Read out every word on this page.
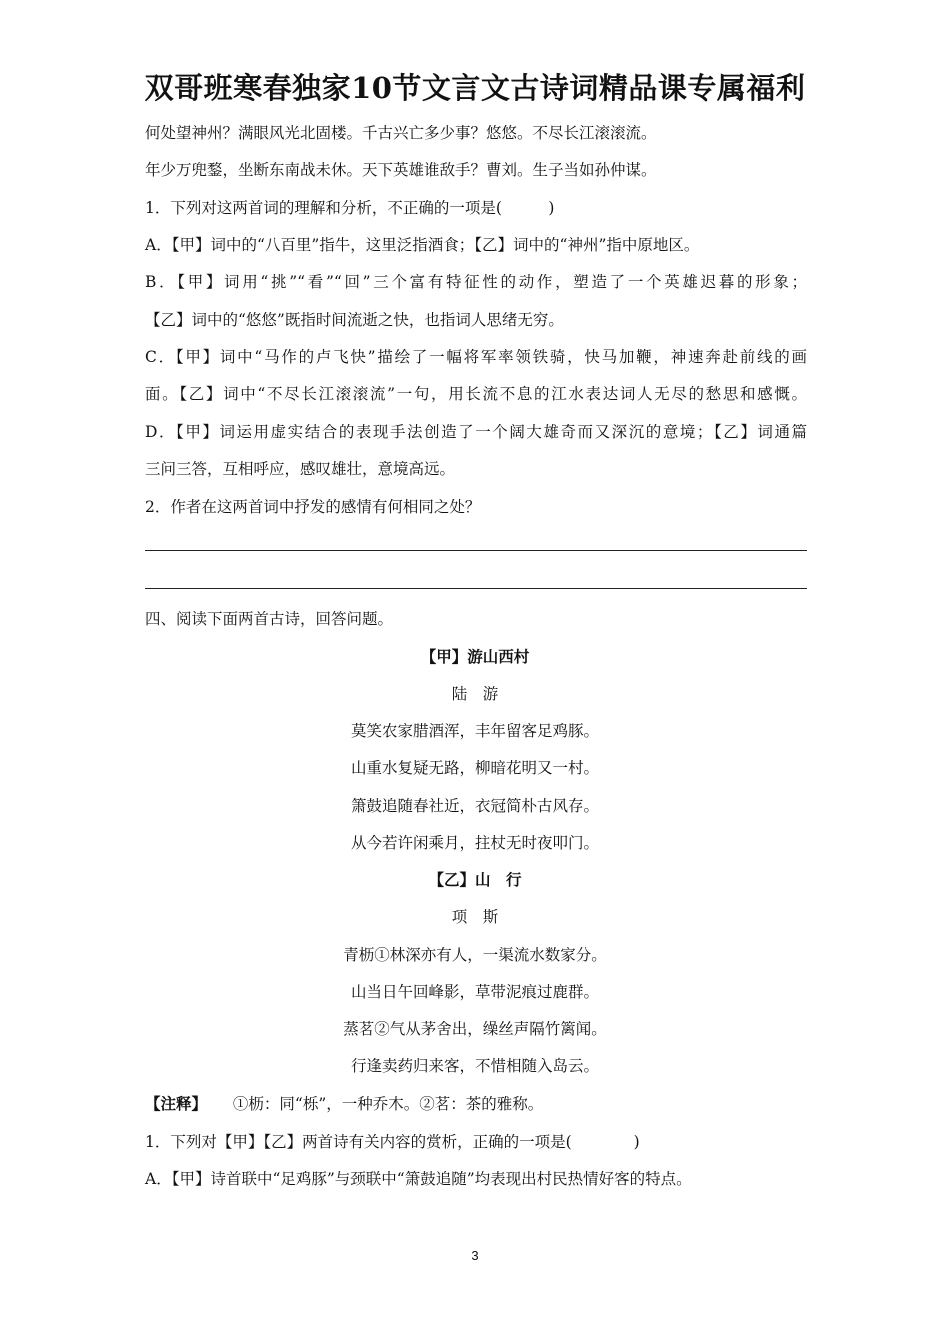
双哥班寒春独家10节文言文古诗词精品课专属福利
何处望神州？满眼风光北固楼。千古兴亡多少事？悠悠。不尽长江滚滚流。
年少万兜鍪，坐断东南战未休。天下英雄谁敌手？曹刘。生子当如孙仲谋。
1．下列对这两首词的理解和分析，不正确的一项是(　　　)
A．【甲】词中的“八百里”指牛，这里泛指酒食；【乙】词中的“神州”指中原地区。
B．【甲】词用“挑”“看”“回”三个富有特征性的动作，塑造了一个英雄迟暮的形象；
【乙】词中的“悠悠”既指时间流逝之快，也指词人思绪无穷。
C．【甲】词中“马作的卢飞快”描绘了一幅将军率领铁骑，快马加鞭，神速奔赴前线的画
面。【乙】词中“不尽长江滚滚流”一句，用长流不息的江水表达词人无尽的愁思和感慨。
D．【甲】词运用虚实结合的表现手法创造了一个阔大雄奇而又深沉的意境；【乙】词通篇
三问三答，互相呼应，感叹雄壮，意境高远。
2．作者在这两首词中抒发的感情有何相同之处？
四、阅读下面两首古诗，回答问题。
【甲】游山西村
陆　游
莫笑农家腊酒浑，丰年留客足鸡豚。
山重水复疑无路，柳暗花明又一村。
箫鼓追随春社近，衣冠简朴古风存。
从今若许闲乘月，拄杖无时夜叩门。
【乙】山　行
项　斯
青枥①林深亦有人，一渠流水数家分。
山当日午回峰影，草带泥痕过鹿群。
蒸茗②气从茅舍出，缲丝声隔竹篱闻。
行逢卖药归来客，不惜相随入岛云。
【注释】 ①枥：同“栎”，一种乔木。②茗：茶的雅称。
1．下列对【甲】【乙】两首诗有关内容的赏析，正确的一项是(　　　　)
A．【甲】诗首联中“足鸡豚”与颈联中“箫鼓追随”均表现出村民热情好客的特点。
3
